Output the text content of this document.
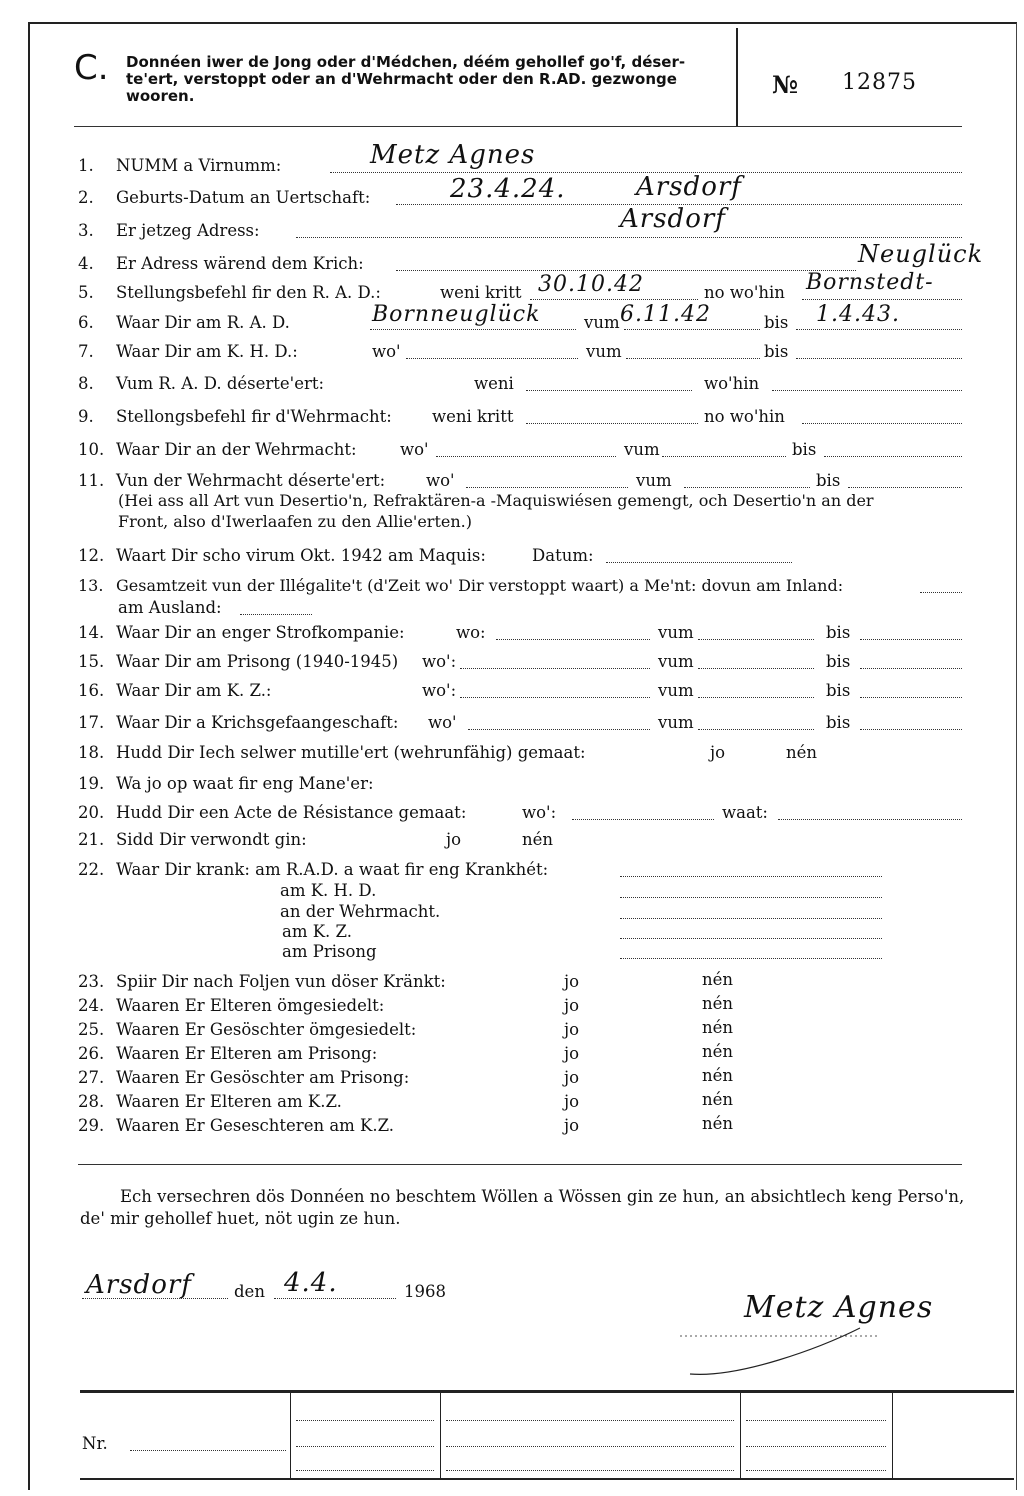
C. Donnéen iwer de Jong oder d'Médchen, déém gehollef go'f, déser-
te'ert, verstoppt oder an d'Wehrmacht oder den R.AD. gezwonge
wooren.	№ 12875
1. NUMM a Virnumm:	Metz Agnes
2. Geburts-Datum an Uertschaft:	23.4.24.	Arsdorf
3. Er jetzeg Adress:	Arsdorf
4. Er Adress wärend dem Krich:	Neuglück
5. Stellungsbefehl fir den R. A. D.:	weni kritt 30.10.42	no wo'hin Bornstedt-
6. Waar Dir am R. A. D.	Bornneuglück	vum 6.11.42	bis 1.4.43.
7. Waar Dir am K. H. D.:	wo'	vum	bis
8. Vum R. A. D. déserte'ert:	weni	wo'hin
9. Stellongsbefehl fir d'Wehrmacht: weni kritt	no wo'hin
10. Waar Dir an der Wehrmacht:	wo'	vum	bis
11. Vun der Wehrmacht déserte'ert: wo'	vum	bis
(Hei ass all Art vun Desertio'n, Refraktären-a -Maquiswiésen gemengt, och Desertio'n an der
Front, also d'Iwerlaafen zu den Allie'erten.)
12. Waart Dir scho virum Okt. 1942 am Maquis:	Datum:
13. Gesamtzeit vun der Illégalite't (d'Zeit wo' Dir verstoppt waart) a Me'nt: dovun am Inland:
am Ausland:
14. Waar Dir an enger Strofkompanie:	wo:	vum	bis
15. Waar Dir am Prisong (1940-1945) wo':	vum	bis
16. Waar Dir am K. Z.:	wo':	vum	bis
17. Waar Dir a Krichsgefaangeschaft: wo'	vum	bis
18. Hudd Dir Iech selwer mutille'ert (wehrunfähig) gemaat:	jo	nén
19. Wa jo op waat fir eng Mane'er:
20. Hudd Dir een Acte de Résistance gemaat:	wo':	waat:
21. Sidd Dir verwondt gin:	jo	nén
22. Waar Dir krank: am R.A.D. a waat fir eng Krankhét:
am K. H. D.
an der Wehrmacht.
am K. Z.
am Prisong
23. Spiir Dir nach Foljen vun döser Kränkt:	jo	nén
24. Waaren Er Elteren ömgesiedelt:	jo	nén
25. Waaren Er Gesöschter ömgesiedelt:	jo	nén
26. Waaren Er Elteren am Prisong:	jo	nén
27. Waaren Er Gesöschter am Prisong:	jo	nén
28. Waaren Er Elteren am K.Z.	jo	nén
29. Waaren Er Geseschteren am K.Z.	jo	nén
Ech versechren dös Donnéen no beschtem Wöllen a Wössen gin ze hun, an absichtlech keng Perso'n, de' mir gehollef huet, nöt ugin ze hun.
Arsdorf	den 4.4.	1968	Metz Agnes
Nr.
